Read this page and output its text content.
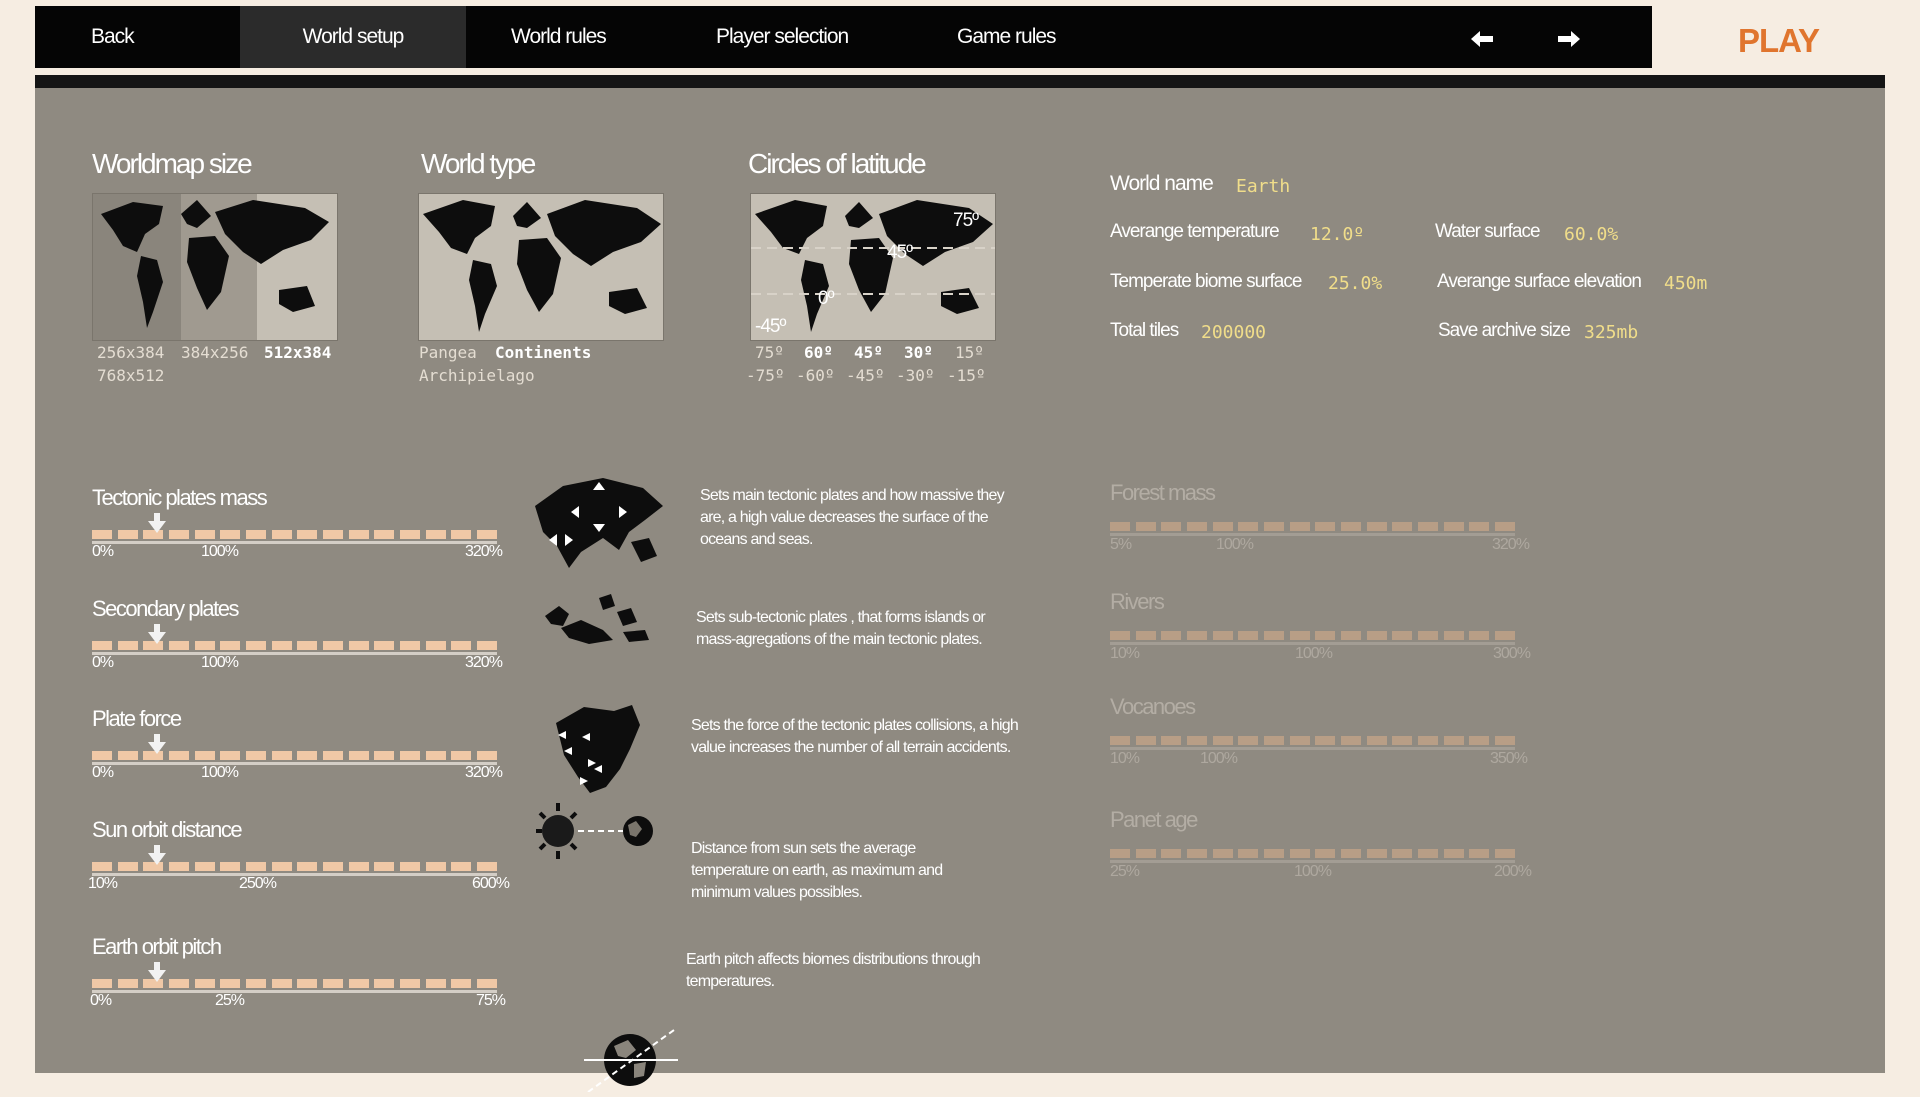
Back	World setup	World rules	Player selection	Game rules	PLAY
Worldmap size
256x384 384x256 512x384
768x512
World type
Pangea Continents
Archipielago
Circles of latitude
75º
45º
0º
-45º
75º 60º 45º 30º 15º
-75º -60º -45º -30º -15º
World name Earth
Averange temperature 12.0º	Water surface 60.0%
Temperate biome surface 25.0%	Averange surface elevation 450m
Total tiles 200000	Save archive size 325mb
Tectonic plates mass
0%	100%	320%
Secondary plates
0%	100%	320%
Plate force
0%	100%	320%
Sun orbit distance
10%	250%	600%
Earth orbit pitch
0%	25%	75%
Forest mass
5%	100%	320%
Rivers
10%	100%	300%
Vocanoes
10%	100%	350%
Panet age
25%	100%	200%
Sets main tectonic plates and how massive they are, a high value decreases the surface of the oceans and seas.
Sets sub-tectonic plates , that forms islands or mass-agregations of the main tectonic plates.
Sets the force of the tectonic plates collisions, a high value increases the number of all terrain accidents.
Distance from sun sets the average temperature on earth, as maximum and minimum values possibles.
Earth pitch affects biomes distributions through temperatures.
